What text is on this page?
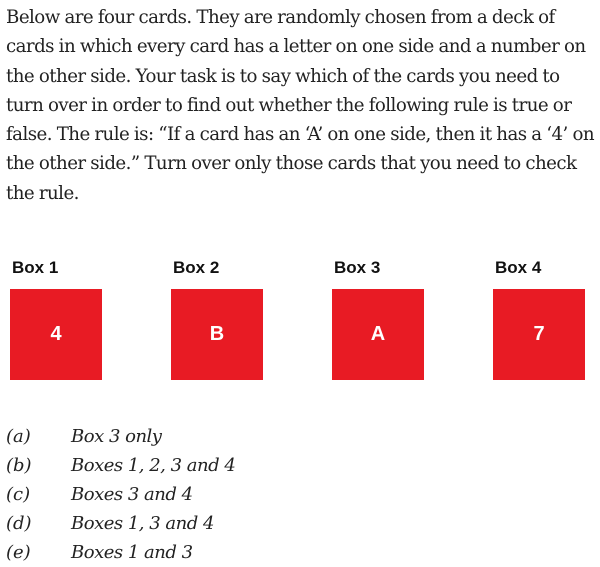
Below are four cards. They are randomly chosen from a deck of cards in which every card has a letter on one side and a number on the other side. Your task is to say which of the cards you need to turn over in order to find out whether the following rule is true or false. The rule is: “If a card has an ‘A’ on one side, then it has a ‘4’ on the other side.” Turn over only those cards that you need to check the rule.

Box 1
4
Box 2
B
Box 3
A
Box 4
7
(a)	Box 3 only
(b)	Boxes 1, 2, 3 and 4
(c)	Boxes 3 and 4
(d)	Boxes 1, 3 and 4
(e)	Boxes 1 and 3
